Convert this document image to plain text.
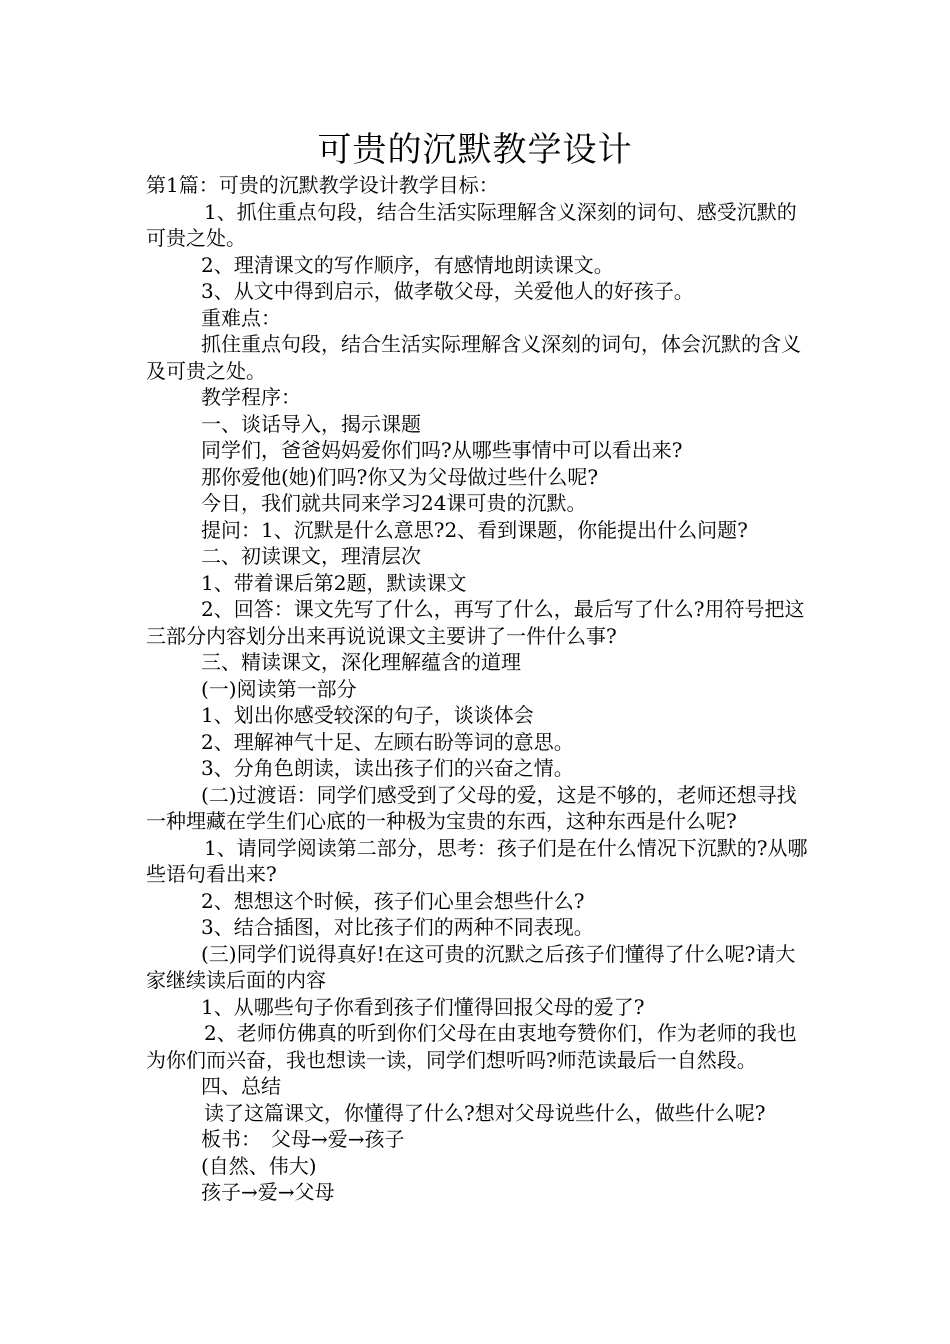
可贵的沉默教学设计

第1篇：可贵的沉默教学设计教学目标：

1、抓住重点句段，结合生活实际理解含义深刻的词句、感受沉默的可贵之处。

2、理清课文的写作顺序，有感情地朗读课文。

3、从文中得到启示，做孝敬父母，关爱他人的好孩子。

重难点：

抓住重点句段，结合生活实际理解含义深刻的词句，体会沉默的含义及可贵之处。

教学程序：

一、谈话导入，揭示课题

同学们，爸爸妈妈爱你们吗?从哪些事情中可以看出来?

那你爱他(她)们吗?你又为父母做过些什么呢?

今日，我们就共同来学习24课可贵的沉默。

提问：1、沉默是什么意思?2、看到课题，你能提出什么问题?

二、初读课文，理清层次

1、带着课后第2题，默读课文

2、回答：课文先写了什么，再写了什么，最后写了什么?用符号把这三部分内容划分出来再说说课文主要讲了一件什么事?

三、精读课文，深化理解蕴含的道理

(一)阅读第一部分

1、划出你感受较深的句子，谈谈体会

2、理解神气十足、左顾右盼等词的意思。

3、分角色朗读，读出孩子们的兴奋之情。

(二)过渡语：同学们感受到了父母的爱，这是不够的，老师还想寻找一种埋藏在学生们心底的一种极为宝贵的东西，这种东西是什么呢?

1、请同学阅读第二部分，思考：孩子们是在什么情况下沉默的?从哪些语句看出来?

2、想想这个时候，孩子们心里会想些什么?

3、结合插图，对比孩子们的两种不同表现。

(三)同学们说得真好!在这可贵的沉默之后孩子们懂得了什么呢?请大家继续读后面的内容

1、从哪些句子你看到孩子们懂得回报父母的爱了?

2、老师仿佛真的听到你们父母在由衷地夸赞你们，作为老师的我也为你们而兴奋，我也想读一读，同学们想听吗?师范读最后一自然段。

四、总结

读了这篇课文，你懂得了什么?想对父母说些什么，做些什么呢?

板书：　父母→爱→孩子

(自然、伟大)

孩子→爱→父母
